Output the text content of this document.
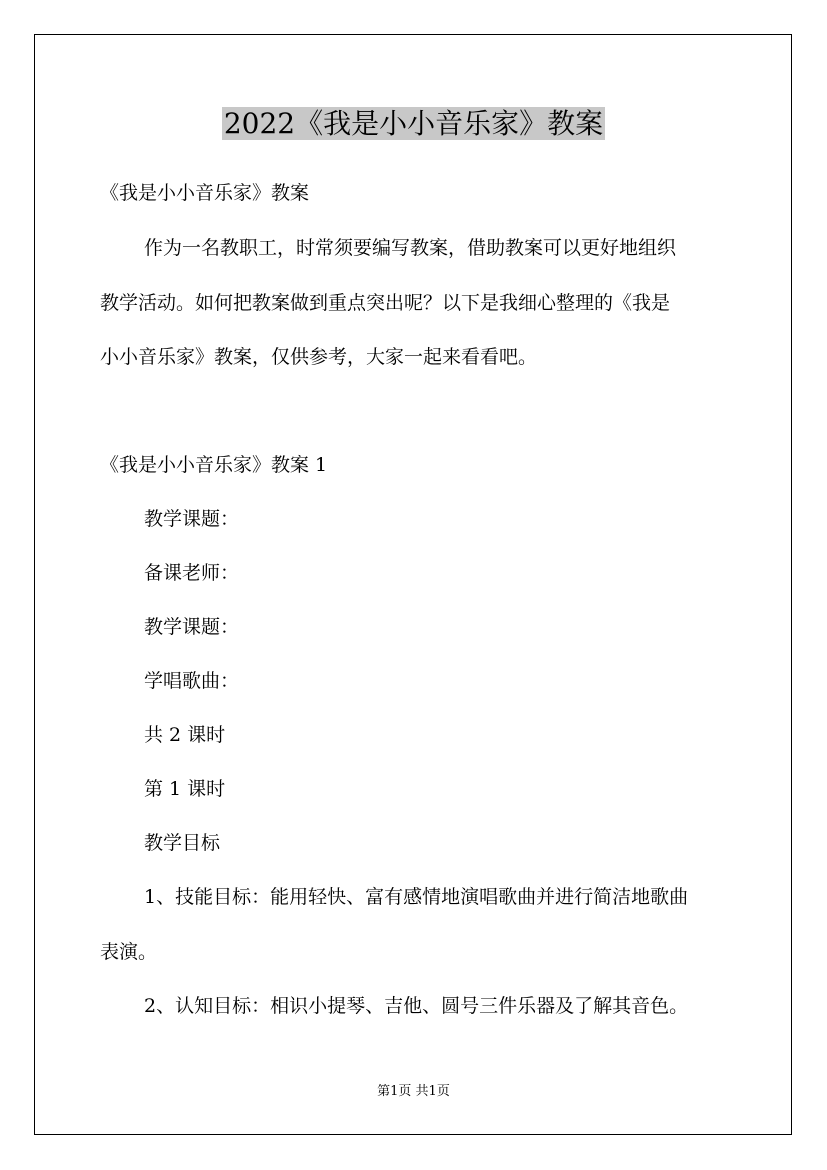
2022《我是小小音乐家》教案
《我是小小音乐家》教案
作为一名教职工，时常须要编写教案，借助教案可以更好地组织
教学活动。如何把教案做到重点突出呢？以下是我细心整理的《我是
小小音乐家》教案，仅供参考，大家一起来看看吧。
《我是小小音乐家》教案 1
教学课题：
备课老师：
教学课题：
学唱歌曲：
共 2 课时
第 1 课时
教学目标
1、技能目标：能用轻快、富有感情地演唱歌曲并进行简洁地歌曲
表演。
2、认知目标：相识小提琴、吉他、圆号三件乐器及了解其音色。
第1页 共1页
